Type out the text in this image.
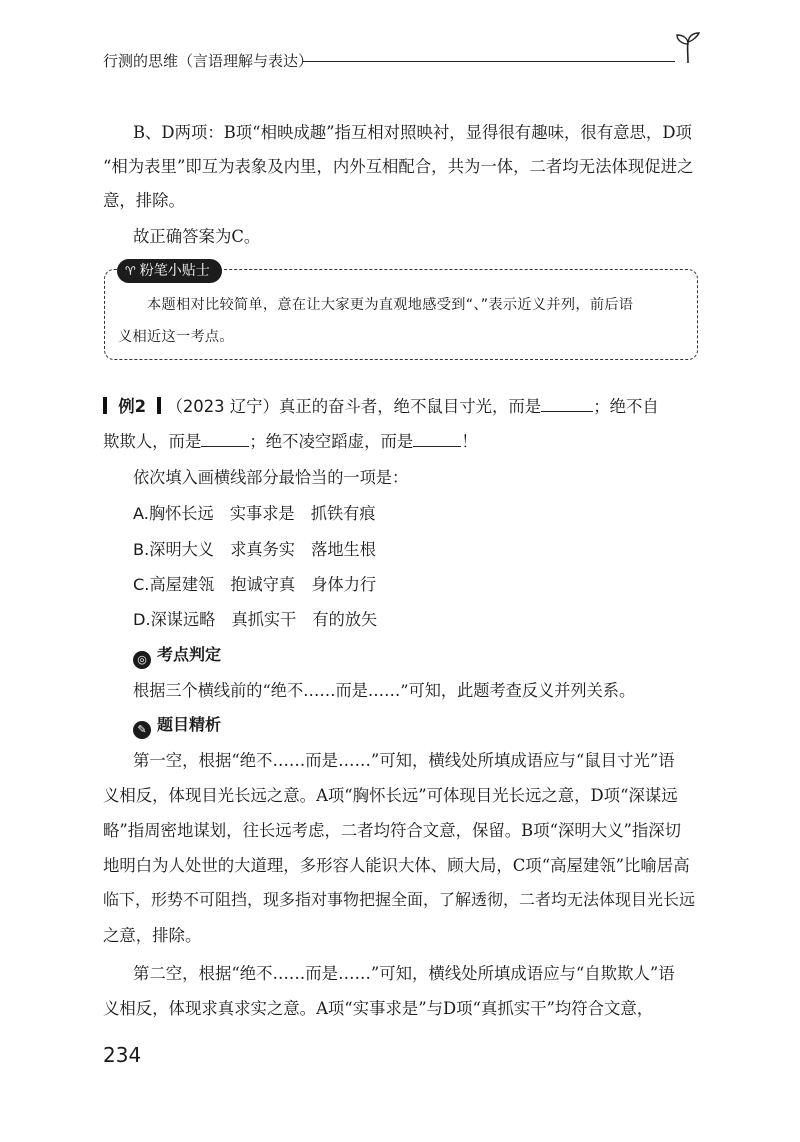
行测的思维（言语理解与表达）
B、D两项：B项“相映成趣”指互相对照映衬，显得很有趣味，很有意思，D项
“相为表里”即互为表象及内里，内外互相配合，共为一体，二者均无法体现促进之
意，排除。
故正确答案为C。
♈ 粉笔小贴士
本题相对比较简单，意在让大家更为直观地感受到“、”表示近义并列，前后语
义相近这一考点。
例2 （2023 辽宁）真正的奋斗者，绝不鼠目寸光，而是	；绝不自
欺欺人，而是	；绝不凌空蹈虚，而是	！
依次填入画横线部分最恰当的一项是：
A.胸怀长远　实事求是　抓铁有痕
B.深明大义　求真务实　落地生根
C.高屋建瓴　抱诚守真　身体力行
D.深谋远略　真抓实干　有的放矢
◎ 考点判定
根据三个横线前的“绝不……而是……”可知，此题考查反义并列关系。
✎ 题目精析
第一空，根据“绝不……而是……”可知，横线处所填成语应与“鼠目寸光”语
义相反，体现目光长远之意。A项“胸怀长远”可体现目光长远之意，D项“深谋远
略”指周密地谋划，往长远考虑，二者均符合文意，保留。B项“深明大义”指深切
地明白为人处世的大道理，多形容人能识大体、顾大局，C项“高屋建瓴”比喻居高
临下，形势不可阻挡，现多指对事物把握全面，了解透彻，二者均无法体现目光长远
之意，排除。
第二空，根据“绝不……而是……”可知，横线处所填成语应与“自欺欺人”语
义相反，体现求真求实之意。A项“实事求是”与D项“真抓实干”均符合文意，
234
